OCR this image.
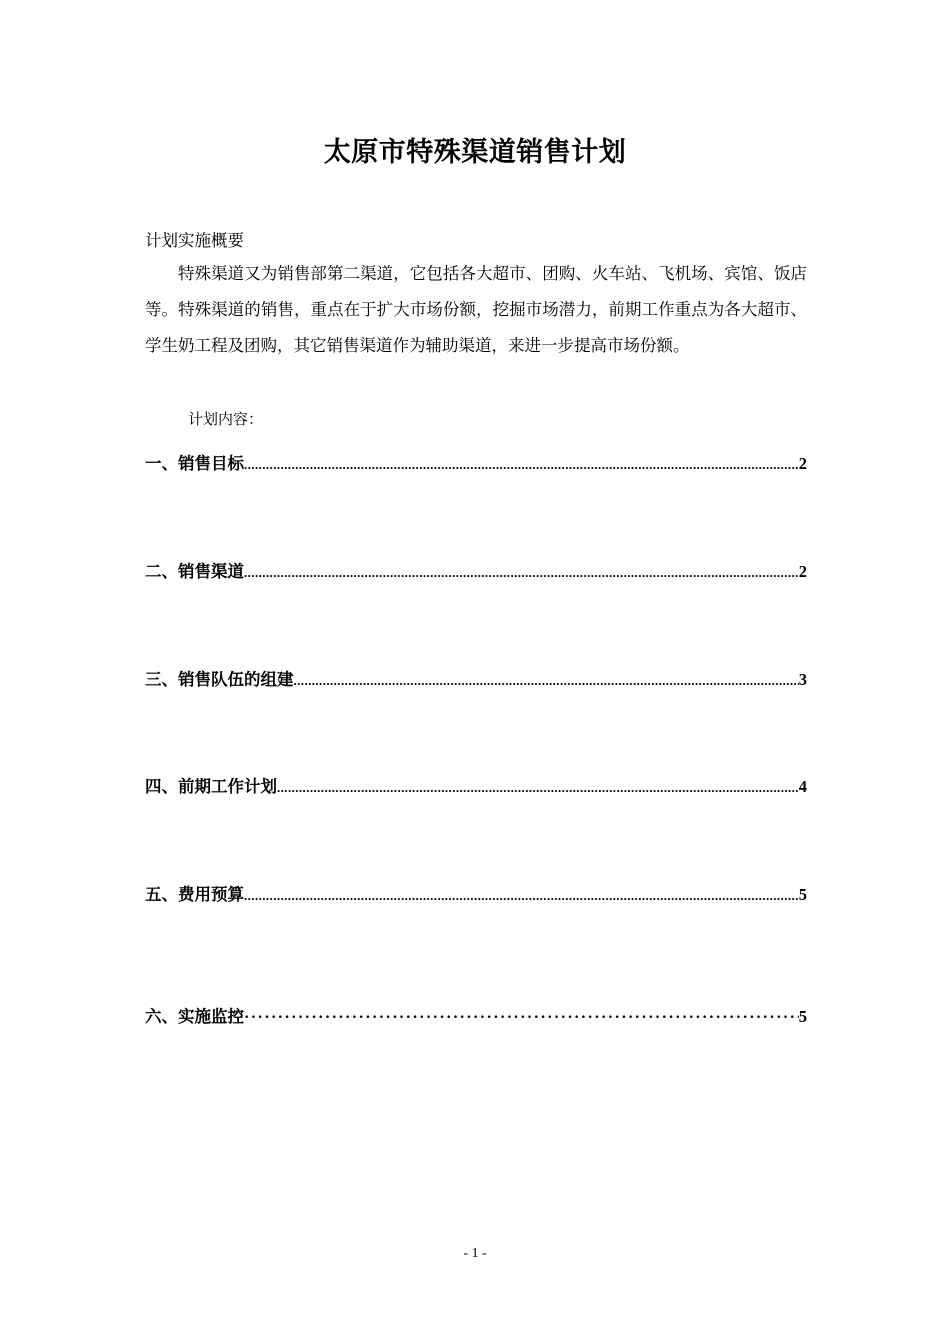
太原市特殊渠道销售计划
计划实施概要

特殊渠道又为销售部第二渠道，它包括各大超市、团购、火车站、飞机场、宾馆、饭店等。特殊渠道的销售，重点在于扩大市场份额，挖掘市场潜力，前期工作重点为各大超市、学生奶工程及团购，其它销售渠道作为辅助渠道，来进一步提高市场份额。

计划内容：
一、销售目标 .....	2
二、销售渠道 .....	2
三、销售队伍的组建 .....	3
四、前期工作计划 .....	4
五、费用预算 .....	5
六、实施监控 ·····	5
- 1 -
